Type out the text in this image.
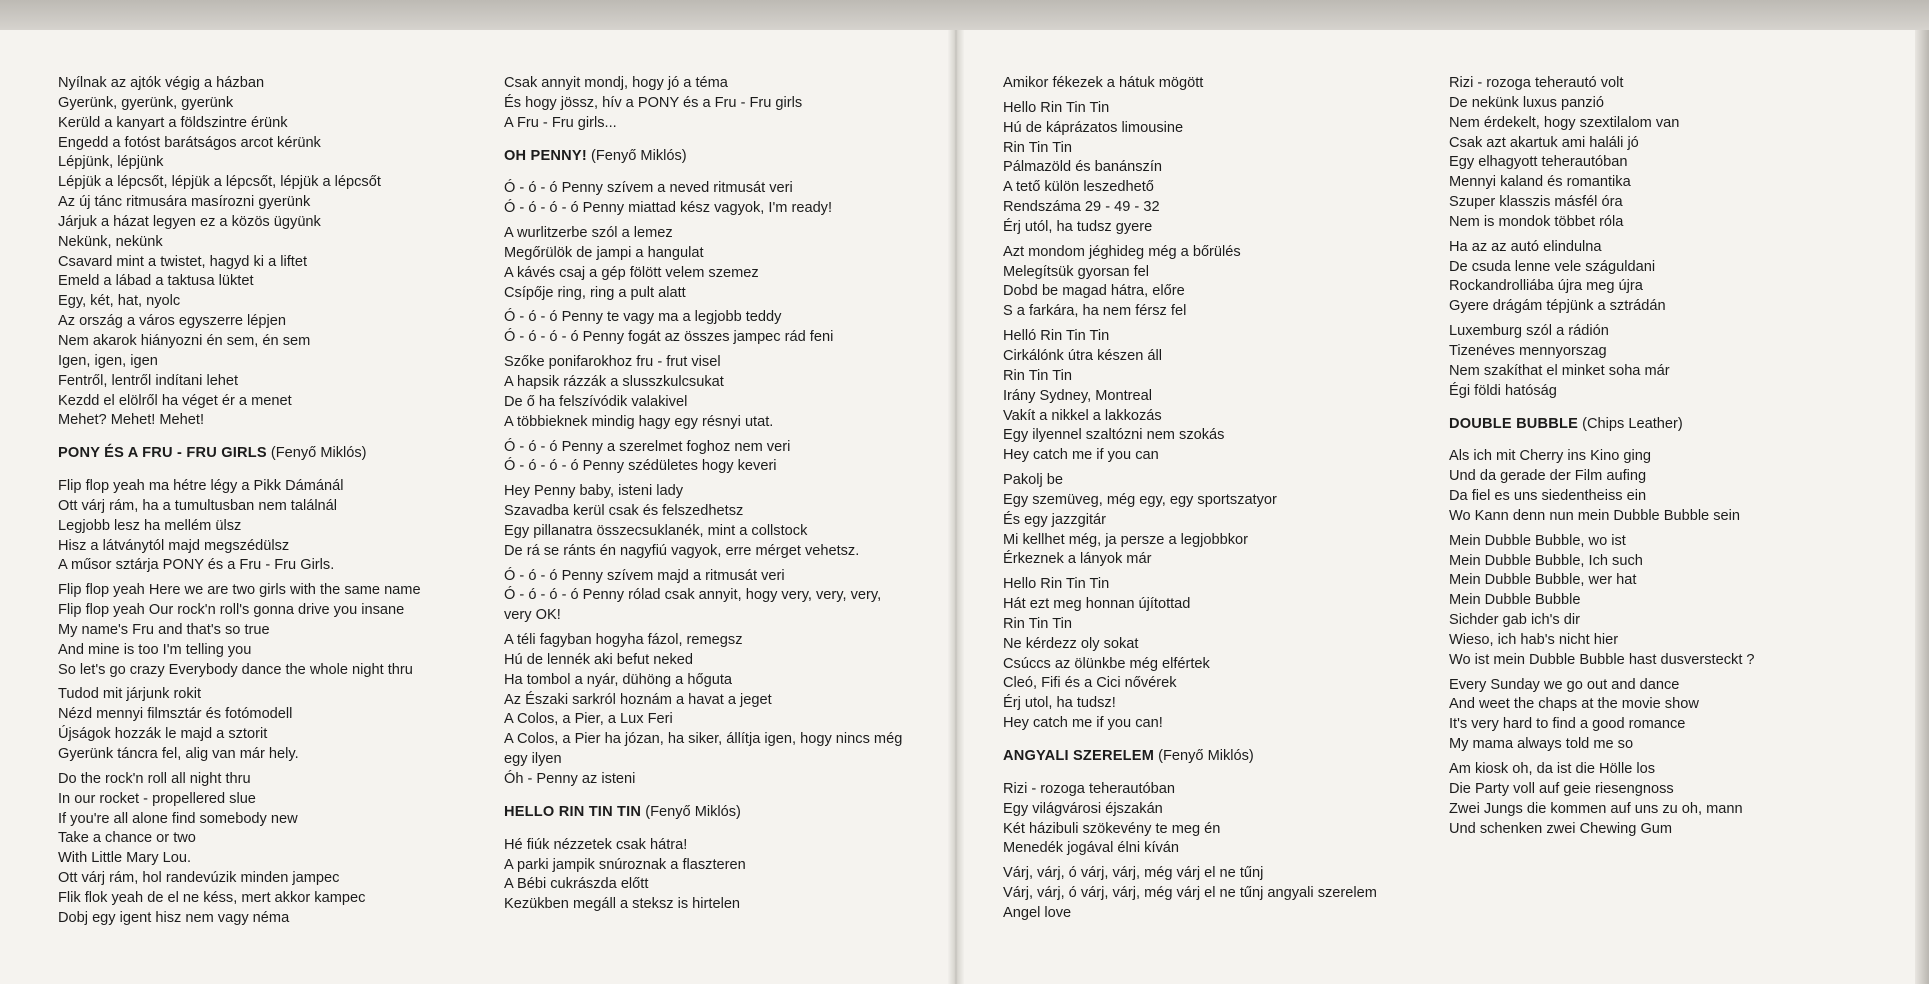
Nyílnak az ajtók végig a házban
Gyerünk, gyerünk, gyerünk
Kerüld a kanyart a földszintre érünk
Engedd a fotóst barátságos arcot kérünk
Lépjünk, lépjünk
Lépjük a lépcsőt, lépjük a lépcsőt, lépjük a lépcsőt
Az új tánc ritmusára masírozni gyerünk
Járjuk a házat legyen ez a közös ügyünk
Nekünk, nekünk
Csavard mint a twistet, hagyd ki a liftet
Emeld a lábad a taktusa lüktet
Egy, két, hat, nyolc
Az ország a város egyszerre lépjen
Nem akarok hiányozni én sem, én sem
Igen, igen, igen
Fentről, lentről indítani lehet
Kezdd el elölről ha véget ér a menet
Mehet? Mehet! Mehet!
PONY ÉS A FRU - FRU GIRLS (Fenyő Miklós)
Flip flop yeah ma hétre légy a Pikk Dámánál
Ott várj rám, ha a tumultusban nem találnál
Legjobb lesz ha mellém ülsz
Hisz a látványtól majd megszédülsz
A műsor sztárja PONY és a Fru - Fru Girls.
Flip flop yeah Here we are two girls with the same name
Flip flop yeah Our rock'n roll's gonna drive you insane
My name's Fru and that's so true
And mine is too I'm telling you
So let's go crazy Everybody dance the whole night thru
Tudod mit járjunk rokit
Nézd mennyi filmsztár és fotómodell
Újságok hozzák le majd a sztorit
Gyerünk táncra fel, alig van már hely.
Do the rock'n roll all night thru
In our rocket - propellered slue
If you're all alone find somebody new
Take a chance or two
With Little Mary Lou.
Ott várj rám, hol randevúzik minden jampec
Flik flok yeah de el ne késs, mert akkor kampec
Dobj egy igent hisz nem vagy néma
Csak annyit mondj, hogy jó a téma
És hogy jössz, hív a PONY és a Fru - Fru girls
A Fru - Fru girls...
OH PENNY! (Fenyő Miklós)
Ó - ó - ó Penny szívem a neved ritmusát veri
Ó - ó - ó - ó Penny miattad kész vagyok, I'm ready!
A wurlitzerbe szól a lemez
Megőrülök de jampi a hangulat
A kávés csaj a gép fölött velem szemez
Csípője ring, ring a pult alatt
Ó - ó - ó Penny te vagy ma a legjobb teddy
Ó - ó - ó - ó Penny fogát az összes jampec rád feni
Szőke ponifarokhoz fru - frut visel
A hapsik rázzák a slusszkulcsukat
De ő ha felszívódik valakivel
A többieknek mindig hagy egy résnyi utat.
Ó - ó - ó Penny a szerelmet foghoz nem veri
Ó - ó - ó - ó Penny szédületes hogy keveri
Hey Penny baby, isteni lady
Szavadba kerül csak és felszedhetsz
Egy pillanatra összecsuklanék, mint a collstock
De rá se ránts én nagyfiú vagyok, erre mérget vehetsz.
Ó - ó - ó Penny szívem majd a ritmusát veri
Ó - ó - ó - ó Penny rólad csak annyit, hogy very, very, very,
very OK!
A téli fagyban hogyha fázol, remegsz
Hú de lennék aki befut neked
Ha tombol a nyár, dühöng a hőguta
Az Északi sarkról hoznám a havat a jeget
A Colos, a Pier, a Lux Feri
A Colos, a Pier ha józan, ha siker, állítja igen, hogy nincs még
egy ilyen
Óh - Penny az isteni
HELLO RIN TIN TIN (Fenyő Miklós)
Hé fiúk nézzetek csak hátra!
A parki jampik snúroznak a flaszteren
A Bébi cukrászda előtt
Kezükben megáll a steksz is hirtelen
Amikor fékezek a hátuk mögött
Hello Rin Tin Tin
Hú de káprázatos limousine
Rin Tin Tin
Pálmazöld és banánszín
A tető külön leszedhető
Rendszáma 29 - 49 - 32
Érj utól, ha tudsz gyere
Azt mondom jéghideg még a bőrülés
Melegítsük gyorsan fel
Dobd be magad hátra, előre
S a farkára, ha nem férsz fel
Helló Rin Tin Tin
Cirkálónk útra készen áll
Rin Tin Tin
Irány Sydney, Montreal
Vakít a nikkel a lakkozás
Egy ilyennel szaltózni nem szokás
Hey catch me if you can
Pakolj be
Egy szemüveg, még egy, egy sportszatyor
És egy jazzgitár
Mi kellhet még, ja persze a legjobbkor
Érkeznek a lányok már
Hello Rin Tin Tin
Hát ezt meg honnan újítottad
Rin Tin Tin
Ne kérdezz oly sokat
Csúccs az ölünkbe még elfértek
Cleó, Fifi és a Cici nővérek
Érj utol, ha tudsz!
Hey catch me if you can!
ANGYALI SZERELEM (Fenyő Miklós)
Rizi - rozoga teherautóban
Egy világvárosi éjszakán
Két házibuli szökevény te meg én
Menedék jogával élni kíván
Várj, várj, ó várj, várj, még várj el ne tűnj
Várj, várj, ó várj, várj, még várj el ne tűnj angyali szerelem
Angel love
Rizi - rozoga teherautó volt
De nekünk luxus panzió
Nem érdekelt, hogy szextilalom van
Csak azt akartuk ami haláli jó
Egy elhagyott teherautóban
Mennyi kaland és romantika
Szuper klasszis másfél óra
Nem is mondok többet róla
Ha az az autó elindulna
De csuda lenne vele száguldani
Rockandrolliába újra meg újra
Gyere drágám tépjünk a sztrádán
Luxemburg szól a rádión
Tizenéves mennyorszag
Nem szakíthat el minket soha már
Égi földi hatóság
DOUBLE BUBBLE (Chips Leather)
Als ich mit Cherry ins Kino ging
Und da gerade der Film aufing
Da fiel es uns siedentheiss ein
Wo Kann denn nun mein Dubble Bubble sein
Mein Dubble Bubble, wo ist
Mein Dubble Bubble, Ich such
Mein Dubble Bubble, wer hat
Mein Dubble Bubble
Sichder gab ich's dir
Wieso, ich hab's nicht hier
Wo ist mein Dubble Bubble hast dusversteckt ?
Every Sunday we go out and dance
And weet the chaps at the movie show
It's very hard to find a good romance
My mama always told me so
Am kiosk oh, da ist die Hölle los
Die Party voll auf geie riesengnoss
Zwei Jungs die kommen auf uns zu oh, mann
Und schenken zwei Chewing Gum
